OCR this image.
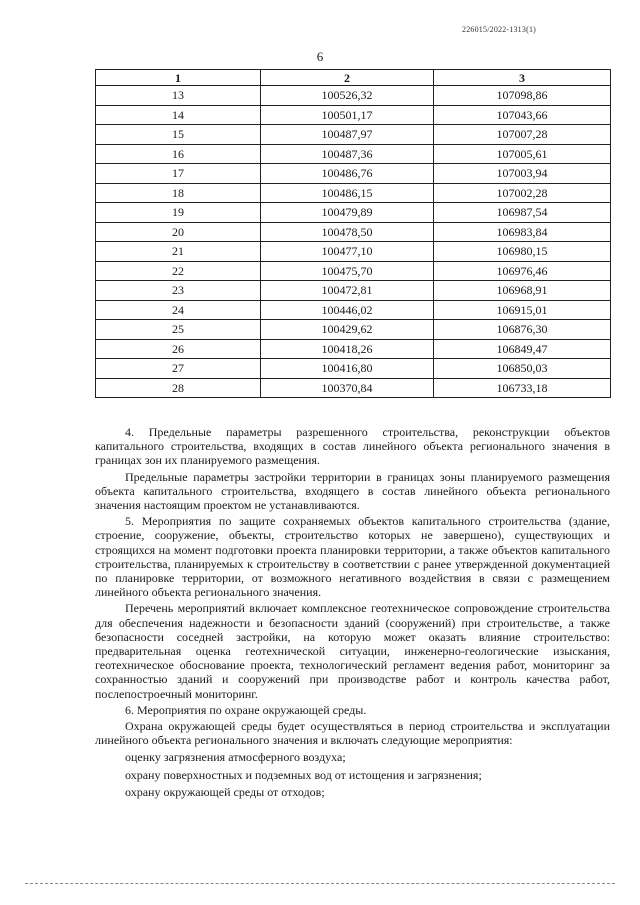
226015/2022-1313(1)
6
1	2	3
13	100526,32	107098,86
14	100501,17	107043,66
15	100487,97	107007,28
16	100487,36	107005,61
17	100486,76	107003,94
18	100486,15	107002,28
19	100479,89	106987,54
20	100478,50	106983,84
21	100477,10	106980,15
22	100475,70	106976,46
23	100472,81	106968,91
24	100446,02	106915,01
25	100429,62	106876,30
26	100418,26	106849,47
27	100416,80	106850,03
28	100370,84	106733,18

4. Предельные параметры разрешенного строительства, реконструкции объектов капитального строительства, входящих в состав линейного объекта регионального значения в границах зон их планируемого размещения.

Предельные параметры застройки территории в границах зоны планируемого размещения объекта капитального строительства, входящего в состав линейного объекта регионального значения настоящим проектом не устанавливаются.

5. Мероприятия по защите сохраняемых объектов капитального строительства (здание, строение, сооружение, объекты, строительство которых не завершено), существующих и строящихся на момент подготовки проекта планировки территории, а также объектов капитального строительства, планируемых к строительству в соответствии с ранее утвержденной документацией по планировке территории, от возможного негативного воздействия в связи с размещением линейного объекта регионального значения.

Перечень мероприятий включает комплексное геотехническое сопровождение строительства для обеспечения надежности и безопасности зданий (сооружений) при строительстве, а также безопасности соседней застройки, на которую может оказать влияние строительство: предварительная оценка геотехнической ситуации, инженерно-геологические изыскания, геотехническое обоснование проекта, технологический регламент ведения работ, мониторинг за сохранностью зданий и сооружений при производстве работ и контроль качества работ, послепостроечный мониторинг.

6. Мероприятия по охране окружающей среды.

Охрана окружающей среды будет осуществляться в период строительства и эксплуатации линейного объекта регионального значения и включать следующие мероприятия:

оценку загрязнения атмосферного воздуха;

охрану поверхностных и подземных вод от истощения и загрязнения;

охрану окружающей среды от отходов;
